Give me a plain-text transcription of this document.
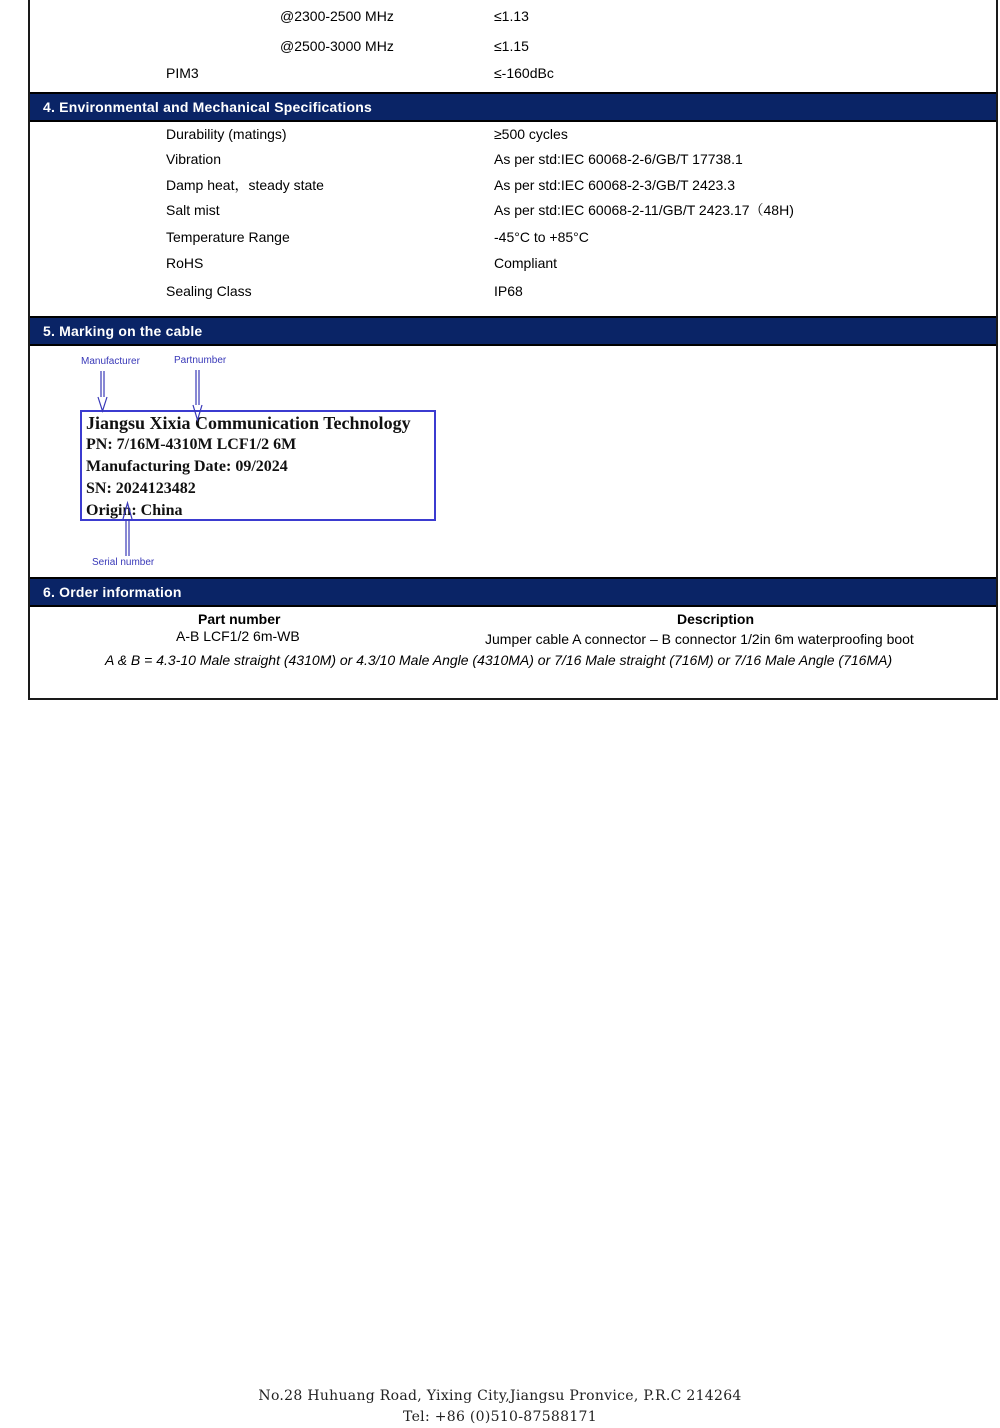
@2300-2500 MHz	≤1.13
@2500-3000 MHz	≤1.15
PIM3	≤-160dBc
4. Environmental and Mechanical Specifications
Durability (matings)	≥500 cycles
Vibration	As per std:IEC 60068-2-6/GB/T 17738.1
Damp heat，steady state	As per std:IEC 60068-2-3/GB/T 2423.3
Salt mist	As per std:IEC 60068-2-11/GB/T 2423.17（48H)
Temperature Range	-45°C to +85°C
RoHS	Compliant
Sealing Class	IP68
5. Marking on the cable
Manufacturer	Partnumber
Serial number
Jiangsu Xixia Communication Technology
PN: 7/16M-4310M LCF1/2 6M
Manufacturing Date: 09/2024
SN: 2024123482
Origin: China
6. Order information
Part number	Description
A-B LCF1/2 6m-WB	Jumper cable A connector – B connector 1/2in 6m waterproofing boot
A & B = 4.3-10 Male straight (4310M) or 4.3/10 Male Angle (4310MA) or 7/16 Male straight (716M) or 7/16 Male Angle (716MA)
No.28 Huhuang Road, Yixing City,Jiangsu Pronvice, P.R.C 214264
Tel: +86 (0)510-87588171
